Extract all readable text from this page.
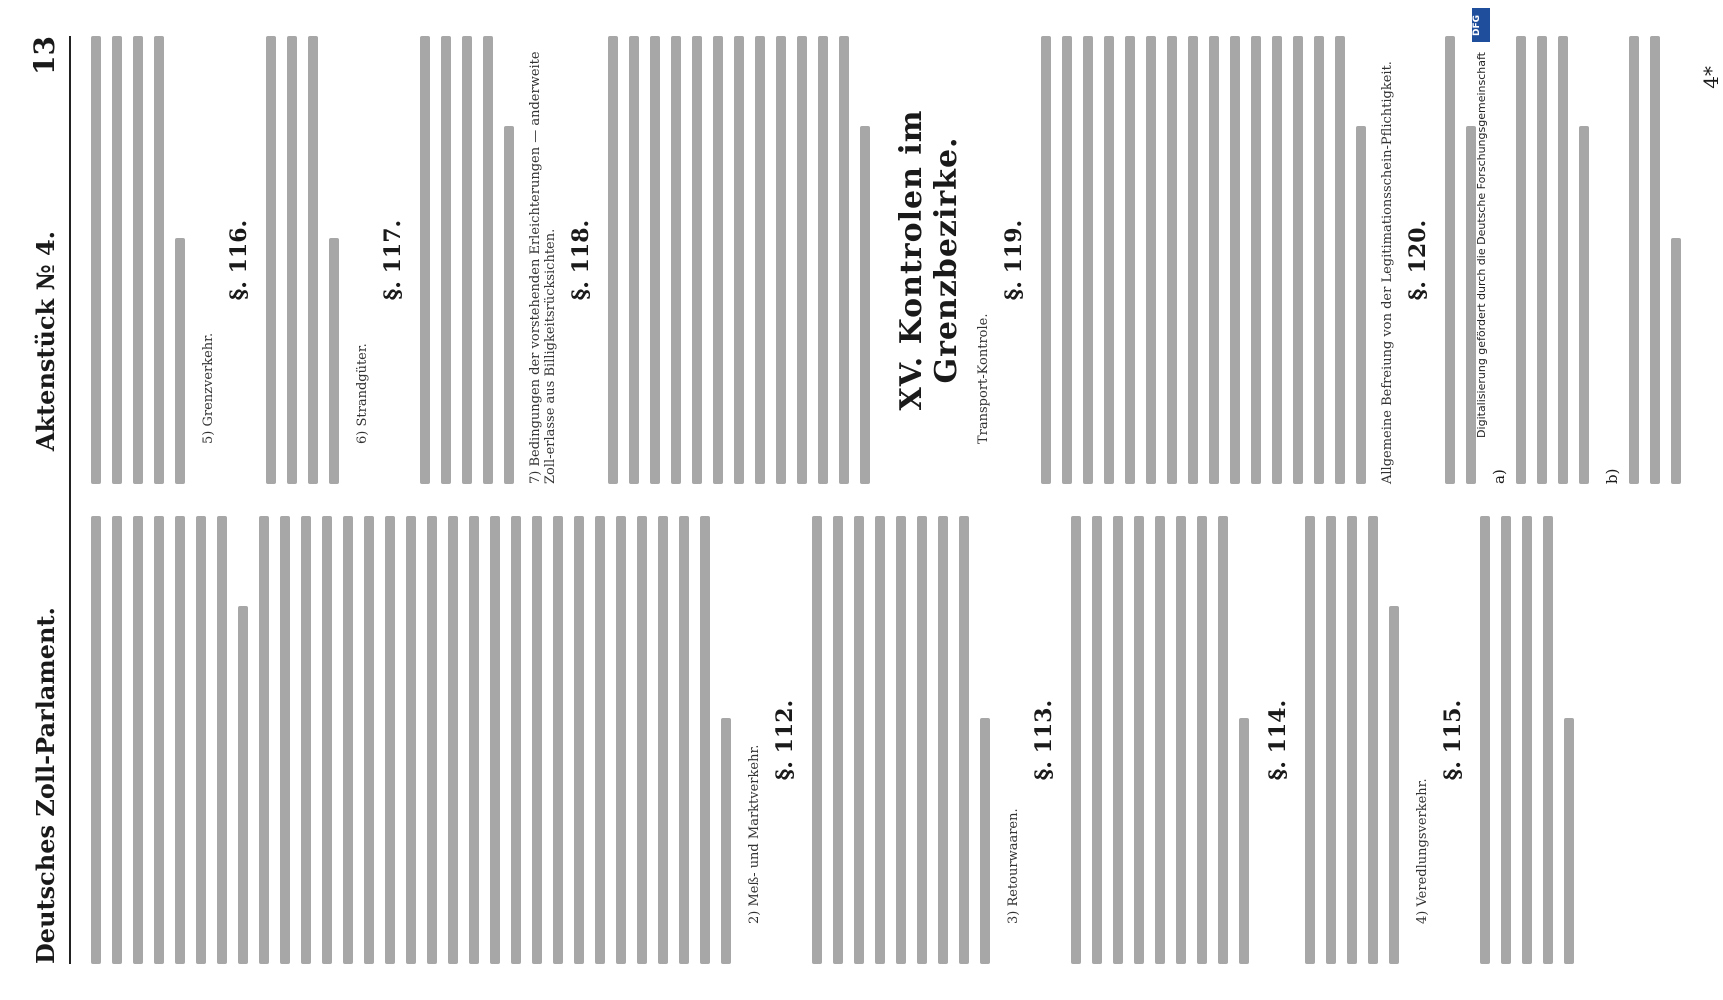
Deutsches Zoll-Parlament.
Aktenstück № 4.
13
2) Meß- und Marktverkehr.
§. 112.
3) Retourwaaren.
§. 113.	§. 114.
4) Veredlungsverkehr.
§. 115.
5) Grenzverkehr.
§. 116.
6) Strandgüter.
§. 117.	7) Bedingungen der vorstehenden Erleichterungen — anderweite Zoll-erlasse aus Billigkeitsrücksichten. §. 118.	XV. Kontrolen im Grenzbezirke. Transport-Kontrole.
§. 119.	Allgemeine Befreiung von der Legitimationsschein-Pflichtigkeit. §. 120.
a)	b)
4*
DFG
Digitalisierung gefördert durch die Deutsche Forschungsgemeinschaft
